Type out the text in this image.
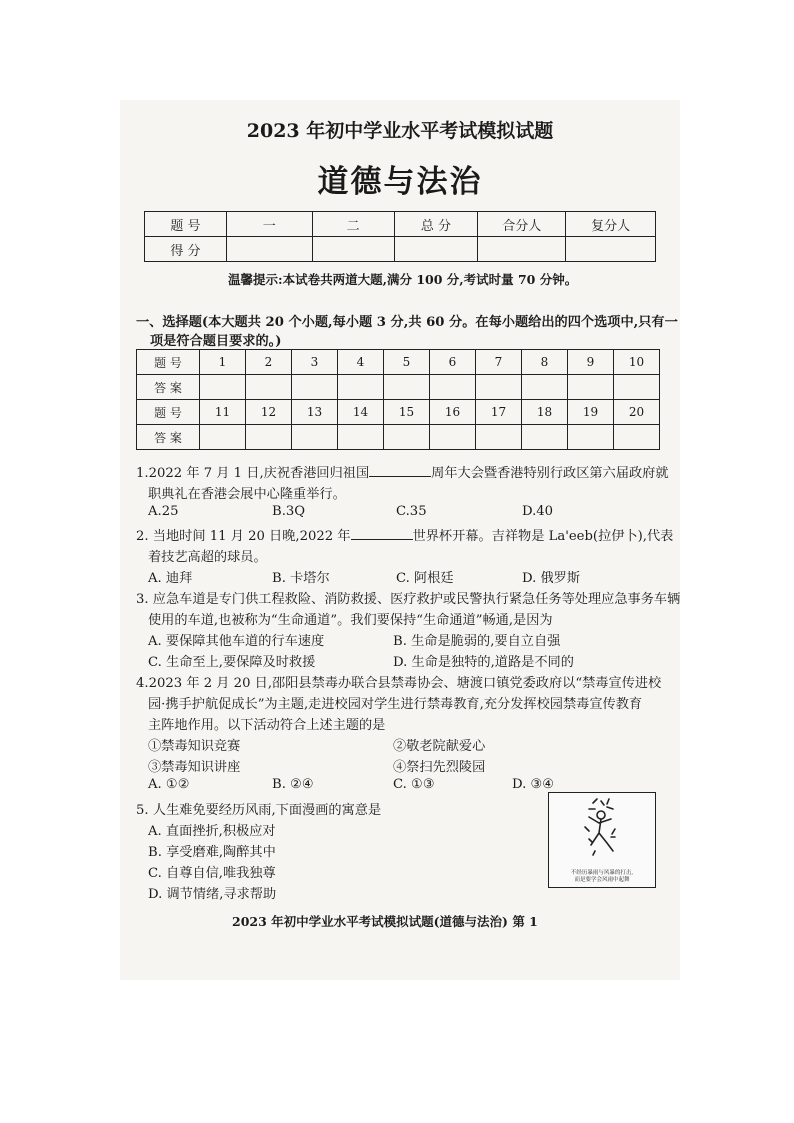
2023 年初中学业水平考试模拟试题
道德与法治
题 号	一	二	总 分	合分人	复分人
得 分					
温馨提示:本试卷共两道大题,满分 100 分,考试时量 70 分钟。
一、选择题(本大题共 20 个小题,每小题 3 分,共 60 分。在每小题给出的四个选项中,只有一
项是符合题目要求的。)
题 号	1	2	3	4	5	6	7	8	9	10
答 案										
题 号	11	12	13	14	15	16	17	18	19	20
答 案										
1.2022 年 7 月 1 日,庆祝香港回归祖国	周年大会暨香港特别行政区第六届政府就
职典礼在香港会展中心隆重举行。
A.25	B.3Q	C.35	D.40
2. 当地时间 11 月 20 日晚,2022 年	世界杯开幕。吉祥物是 La'eeb(拉伊卜),代表
着技艺高超的球员。
A. 迪拜	B. 卡塔尔	C. 阿根廷	D. 俄罗斯
3. 应急车道是专门供工程救险、消防救援、医疗救护或民警执行紧急任务等处理应急事务车辆
使用的车道,也被称为“生命通道”。我们要保持“生命通道”畅通,是因为
A. 要保障其他车道的行车速度	B. 生命是脆弱的,要自立自强
C. 生命至上,要保障及时救援	D. 生命是独特的,道路是不同的
4.2023 年 2 月 20 日,邵阳县禁毒办联合县禁毒协会、塘渡口镇党委政府以“禁毒宣传进校
园·携手护航促成长”为主题,走进校园对学生进行禁毒教育,充分发挥校园禁毒宣传教育
主阵地作用。以下活动符合上述主题的是
①禁毒知识竞赛	②敬老院献爱心
③禁毒知识讲座	④祭扫先烈陵园
A. ①②	B. ②④	C. ①③	D. ③④
5. 人生难免要经历风雨,下面漫画的寓意是
A. 直面挫折,积极应对
B. 享受磨难,陶醉其中
C. 自尊自信,唯我独尊
D. 调节情绪,寻求帮助
不经历暴雨与风暴的打击,
而是要学会风雨中起舞
2023 年初中学业水平考试模拟试题(道德与法治) 第 1
